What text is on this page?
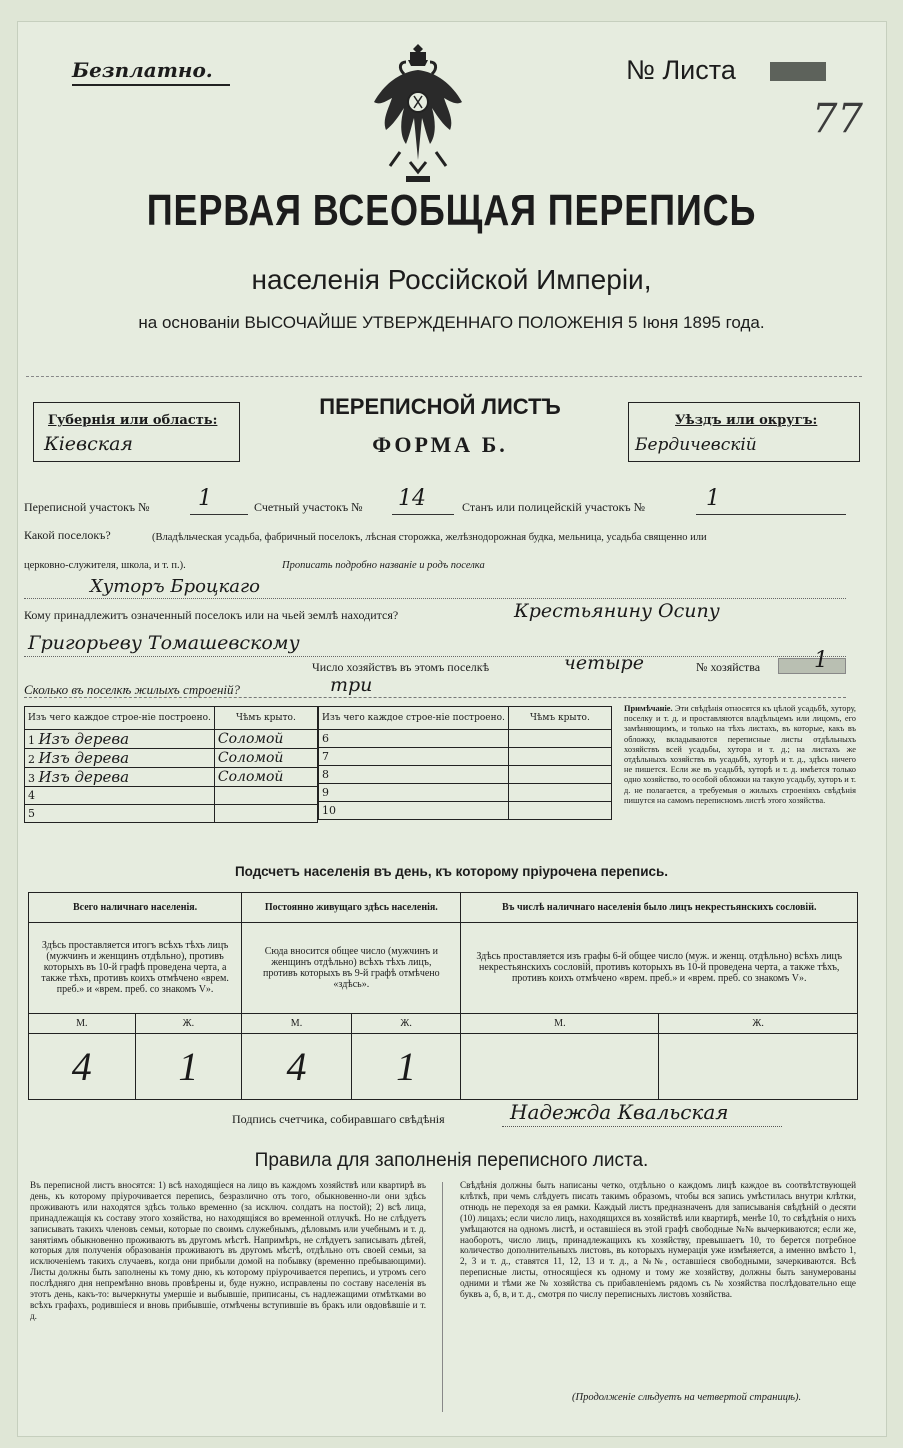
Безплатно.	№ Листа
77
ПЕРВАЯ ВСЕОБЩАЯ ПЕРЕПИСЬ
населенія Россійской Имперіи,
на основаніи ВЫСОЧАЙШЕ УТВЕРЖДЕННАГО ПОЛОЖЕНІЯ 5 Іюня 1895 года.
Губернія или область:
Кіевская
ПЕРЕПИСНОЙ ЛИСТЪ
ФОРМА Б.
Уѣздъ или округъ:
Бердичевскій
Переписной участокъ № 1	Счетный участокъ № 14	Станъ или полицейскій участокъ №	1
Какой поселокъ?	(Владѣльческая усадьба, фабричный поселокъ, лѣсная сторожка, желѣзнодорожная будка, мельница, усадьба священно или
церковно-служителя, школа, и т. п.).	Прописать подробно названіе и родъ поселка
Хуторъ Броцкаго
Кому принадлежитъ означенный поселокъ или на чьей землѣ находится?	Крестьянину Осипу
Григорьеву Томашевскому
Число хозяйствъ въ этомъ поселкѣ	четыре	№ хозяйства 1
Сколько въ поселкѣ жилыхъ строеній?	три
Изъ чего каждое строе-ніе построено.	Чѣмъ крыто.
1 Изъ дерева	Соломой
2 Изъ дерева	Соломой
3 Изъ дерева	Соломой
4	
5	
Изъ чего каждое строе-ніе построено.	Чѣмъ крыто.
6	
7	
8	
9	
10	
Примѣчаніе. Эти свѣдѣнія относятся къ цѣлой усадьбѣ, хутору, поселку и т. д. и проставляются владѣльцемъ или лицомъ, его замѣняющимъ, и только на тѣхъ листахъ, въ которые, какъ въ обложку, вкладываются переписные листы отдѣльныхъ хозяйствъ всей усадьбы, хутора и т. д.; на листахъ же отдѣльныхъ хозяйствъ въ усадьбѣ, хуторѣ и т. д., здѣсь ничего не пишется. Если же въ усадьбѣ, хуторѣ и т. д. имѣется только одно хозяйство, то особой обложки на такую усадьбу, хуторъ и т. д. не полагается, а требуемыя о жилыхъ строеніяхъ свѣдѣнія пишутся на самомъ переписномъ листѣ этого хозяйства.
Подсчетъ населенія въ день, къ которому пріурочена перепись.
Всего наличнаго населенія.		Постоянно живущаго здѣсь населенія.		Въ числѣ наличнаго населенія было лицъ некрестьянскихъ сословій.	
Здѣсь проставляется итогъ всѣхъ тѣхъ лицъ (мужчинъ и женщинъ отдѣльно), противъ которыхъ въ 10-й графѣ проведена черта, а также тѣхъ, противъ коихъ отмѣчено «врем. преб.» и «врем. преб. со знакомъ V».		Сюда вносится общее число (мужчинъ и женщинъ отдѣльно) всѣхъ тѣхъ лицъ, противъ которыхъ въ 9-й графѣ отмѣчено «здѣсь».		Здѣсь проставляется изъ графы 6-й общее число (муж. и женщ. отдѣльно) всѣхъ лицъ некрестьянскихъ сословій, противъ которыхъ въ 10-й проведена черта, а также тѣхъ, противъ коихъ отмѣчено «врем. преб.» и «врем. преб. со знакомъ V».	
М.	Ж.	М.	Ж.	М.	Ж.
4	1	4	1		
Подпись счетчика, собиравшаго свѣдѣнія	Надежда Квальская
Правила для заполненія переписного листа.
Въ переписной листъ вносятся: 1) всѣ находящіеся на лицо въ каждомъ хозяйствѣ или квартирѣ въ день, къ которому пріурочивается перепись, безразлично отъ того, обыкновенно-ли они здѣсь проживаютъ или находятся здѣсь только временно (за исключ. солдатъ на постой); 2) всѣ лица, принадлежащія къ составу этого хозяйства, но находящіяся во временной отлучкѣ. Но не слѣдуетъ записывать такихъ членовъ семьи, которые по своимъ служебнымъ, дѣловымъ или учебнымъ и т. д. занятіямъ обыкновенно проживаютъ въ другомъ мѣстѣ. Напримѣръ, не слѣдуетъ записывать дѣтей, которыя для полученія образованія проживаютъ въ другомъ мѣстѣ, отдѣльно отъ своей семьи, за исключеніемъ такихъ случаевъ, когда они прибыли домой на побывку (временно пребывающими). Листы должны быть заполнены къ тому дню, къ которому пріурочивается перепись, и утромъ сего послѣдняго дня непремѣнно вновь провѣрены и, буде нужно, исправлены по составу населенія въ этотъ день, какъ-то: вычеркнуты умершіе и выбывшіе, приписаны, съ надлежащими отмѣтками во всѣхъ графахъ, родившіеся и вновь прибывшіе, отмѣчены вступившіе въ бракъ или овдовѣвшіе и т. д.
Свѣдѣнія должны быть написаны четко, отдѣльно о каждомъ лицѣ каждое въ соотвѣтствующей клѣткѣ, при чемъ слѣдуетъ писать такимъ образомъ, чтобы вся запись умѣстилась внутри клѣтки, отнюдь не переходя за ея рамки. Каждый листъ предназначенъ для записыванія свѣдѣній о десяти (10) лицахъ; если число лицъ, находящихся въ хозяйствѣ или квартирѣ, менѣе 10, то свѣдѣнія о нихъ умѣщаются на одномъ листѣ, и оставшіеся въ этой графѣ свободные №№ вычеркиваются; если же, наоборотъ, число лицъ, принадлежащихъ къ хозяйству, превышаетъ 10, то берется потребное количество дополнительныхъ листовъ, въ которыхъ нумерація уже измѣняется, а именно вмѣсто 1, 2, 3 и т. д., ставятся 11, 12, 13 и т. д., а №№, оставшіеся свободными, зачеркиваются. Всѣ переписные листы, относящіеся къ одному и тому же хозяйству, должны быть занумерованы одними и тѣми же № хозяйства съ прибавленіемъ рядомъ съ № хозяйства послѣдовательно еще буквъ а, б, в, и т. д., смотря по числу переписныхъ листовъ хозяйства.
(Продолженіе слѣдуетъ на четвертой страницѣ).
